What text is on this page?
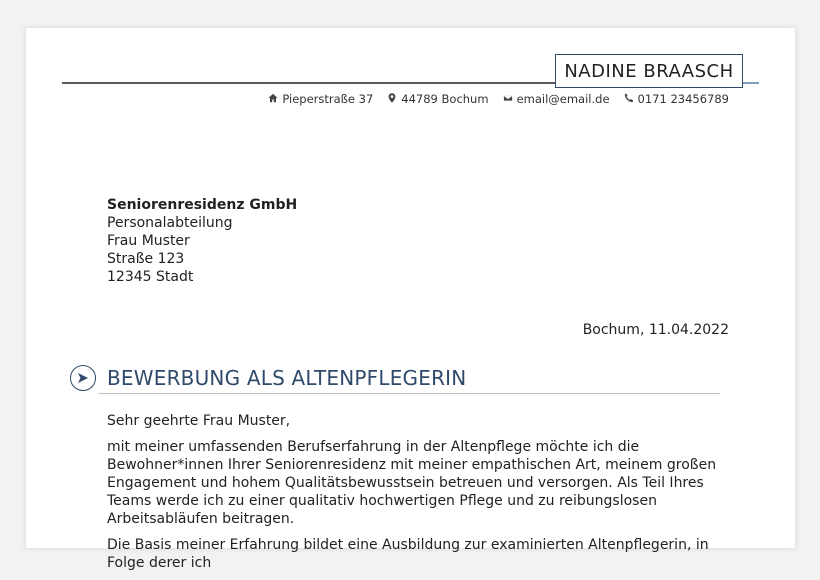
NADINE BRAASCH
Pieperstraße 37 44789 Bochum email@email.de 0171 23456789
Seniorenresidenz GmbH
Personalabteilung
Frau Muster
Straße 123
12345 Stadt
Bochum, 11.04.2022
BEWERBUNG ALS ALTENPFLEGERIN

Sehr geehrte Frau Muster,

mit meiner umfassenden Berufserfahrung in der Altenpflege möchte ich die Bewohner*innen Ihrer Seniorenresidenz mit meiner empathischen Art, meinem großen Engagement und hohem Qualitätsbewusstsein betreuen und versorgen. Als Teil Ihres Teams werde ich zu einer qualitativ hochwertigen Pflege und zu reibungslosen Arbeitsabläufen beitragen.

Die Basis meiner Erfahrung bildet eine Ausbildung zur examinierten Altenpflegerin, in Folge derer ich
